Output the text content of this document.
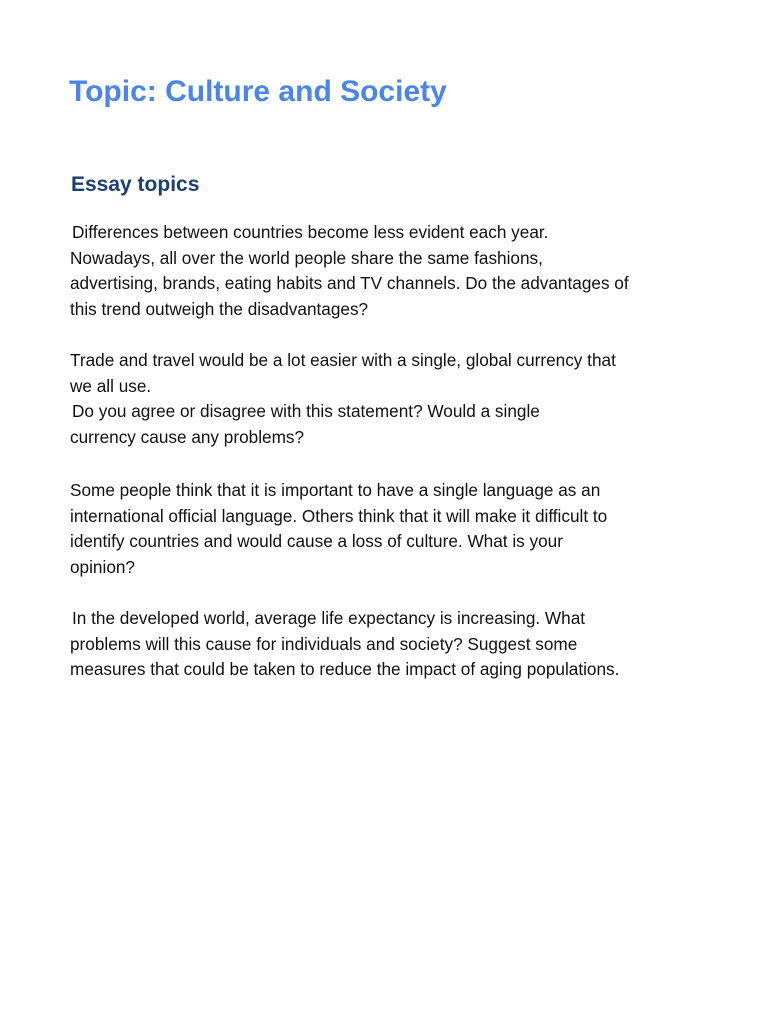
Topic: Culture and Society
Essay topics

Differences between countries become less evident each year.
Nowadays, all over the world people share the same fashions,
advertising, brands, eating habits and TV channels. Do the advantages of
this trend outweigh the disadvantages?

Trade and travel would be a lot easier with a single, global currency that
we all use.
Do you agree or disagree with this statement? Would a single
currency cause any problems?

Some people think that it is important to have a single language as an
international official language. Others think that it will make it difficult to
identify countries and would cause a loss of culture. What is your
opinion?

In the developed world, average life expectancy is increasing. What
problems will this cause for individuals and society? Suggest some
measures that could be taken to reduce the impact of aging populations.
